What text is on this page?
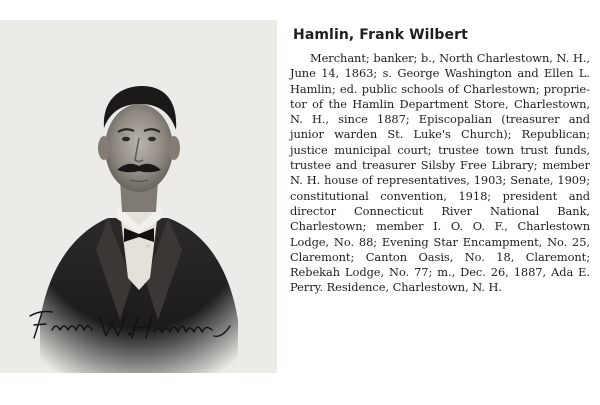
Hamlin, Frank Wilbert

Merchant; banker; b., North Charlestown, N. H., June 14, 1863; s. George Washington and Ellen L. Hamlin; ed. public schools of Charlestown; proprietor of the Hamlin Department Store, Charlestown, N. H., since 1887; Episcopalian (treasurer and junior warden St. Luke's Church); Republican; justice municipal court; trustee town trust funds, trustee and treasurer Silsby Free Library; member N. H. house of representatives, 1903; Senate, 1909; constitutional convention, 1918; president and director Connecticut River National Bank, Charlestown; member I. O. O. F., Charlestown Lodge, No. 88; Evening Star Encampment, No. 25, Claremont; Canton Oasis, No. 18, Claremont; Rebekah Lodge, No. 77; m., Dec. 26, 1887, Ada E. Perry. Residence, Charlestown, N. H.
